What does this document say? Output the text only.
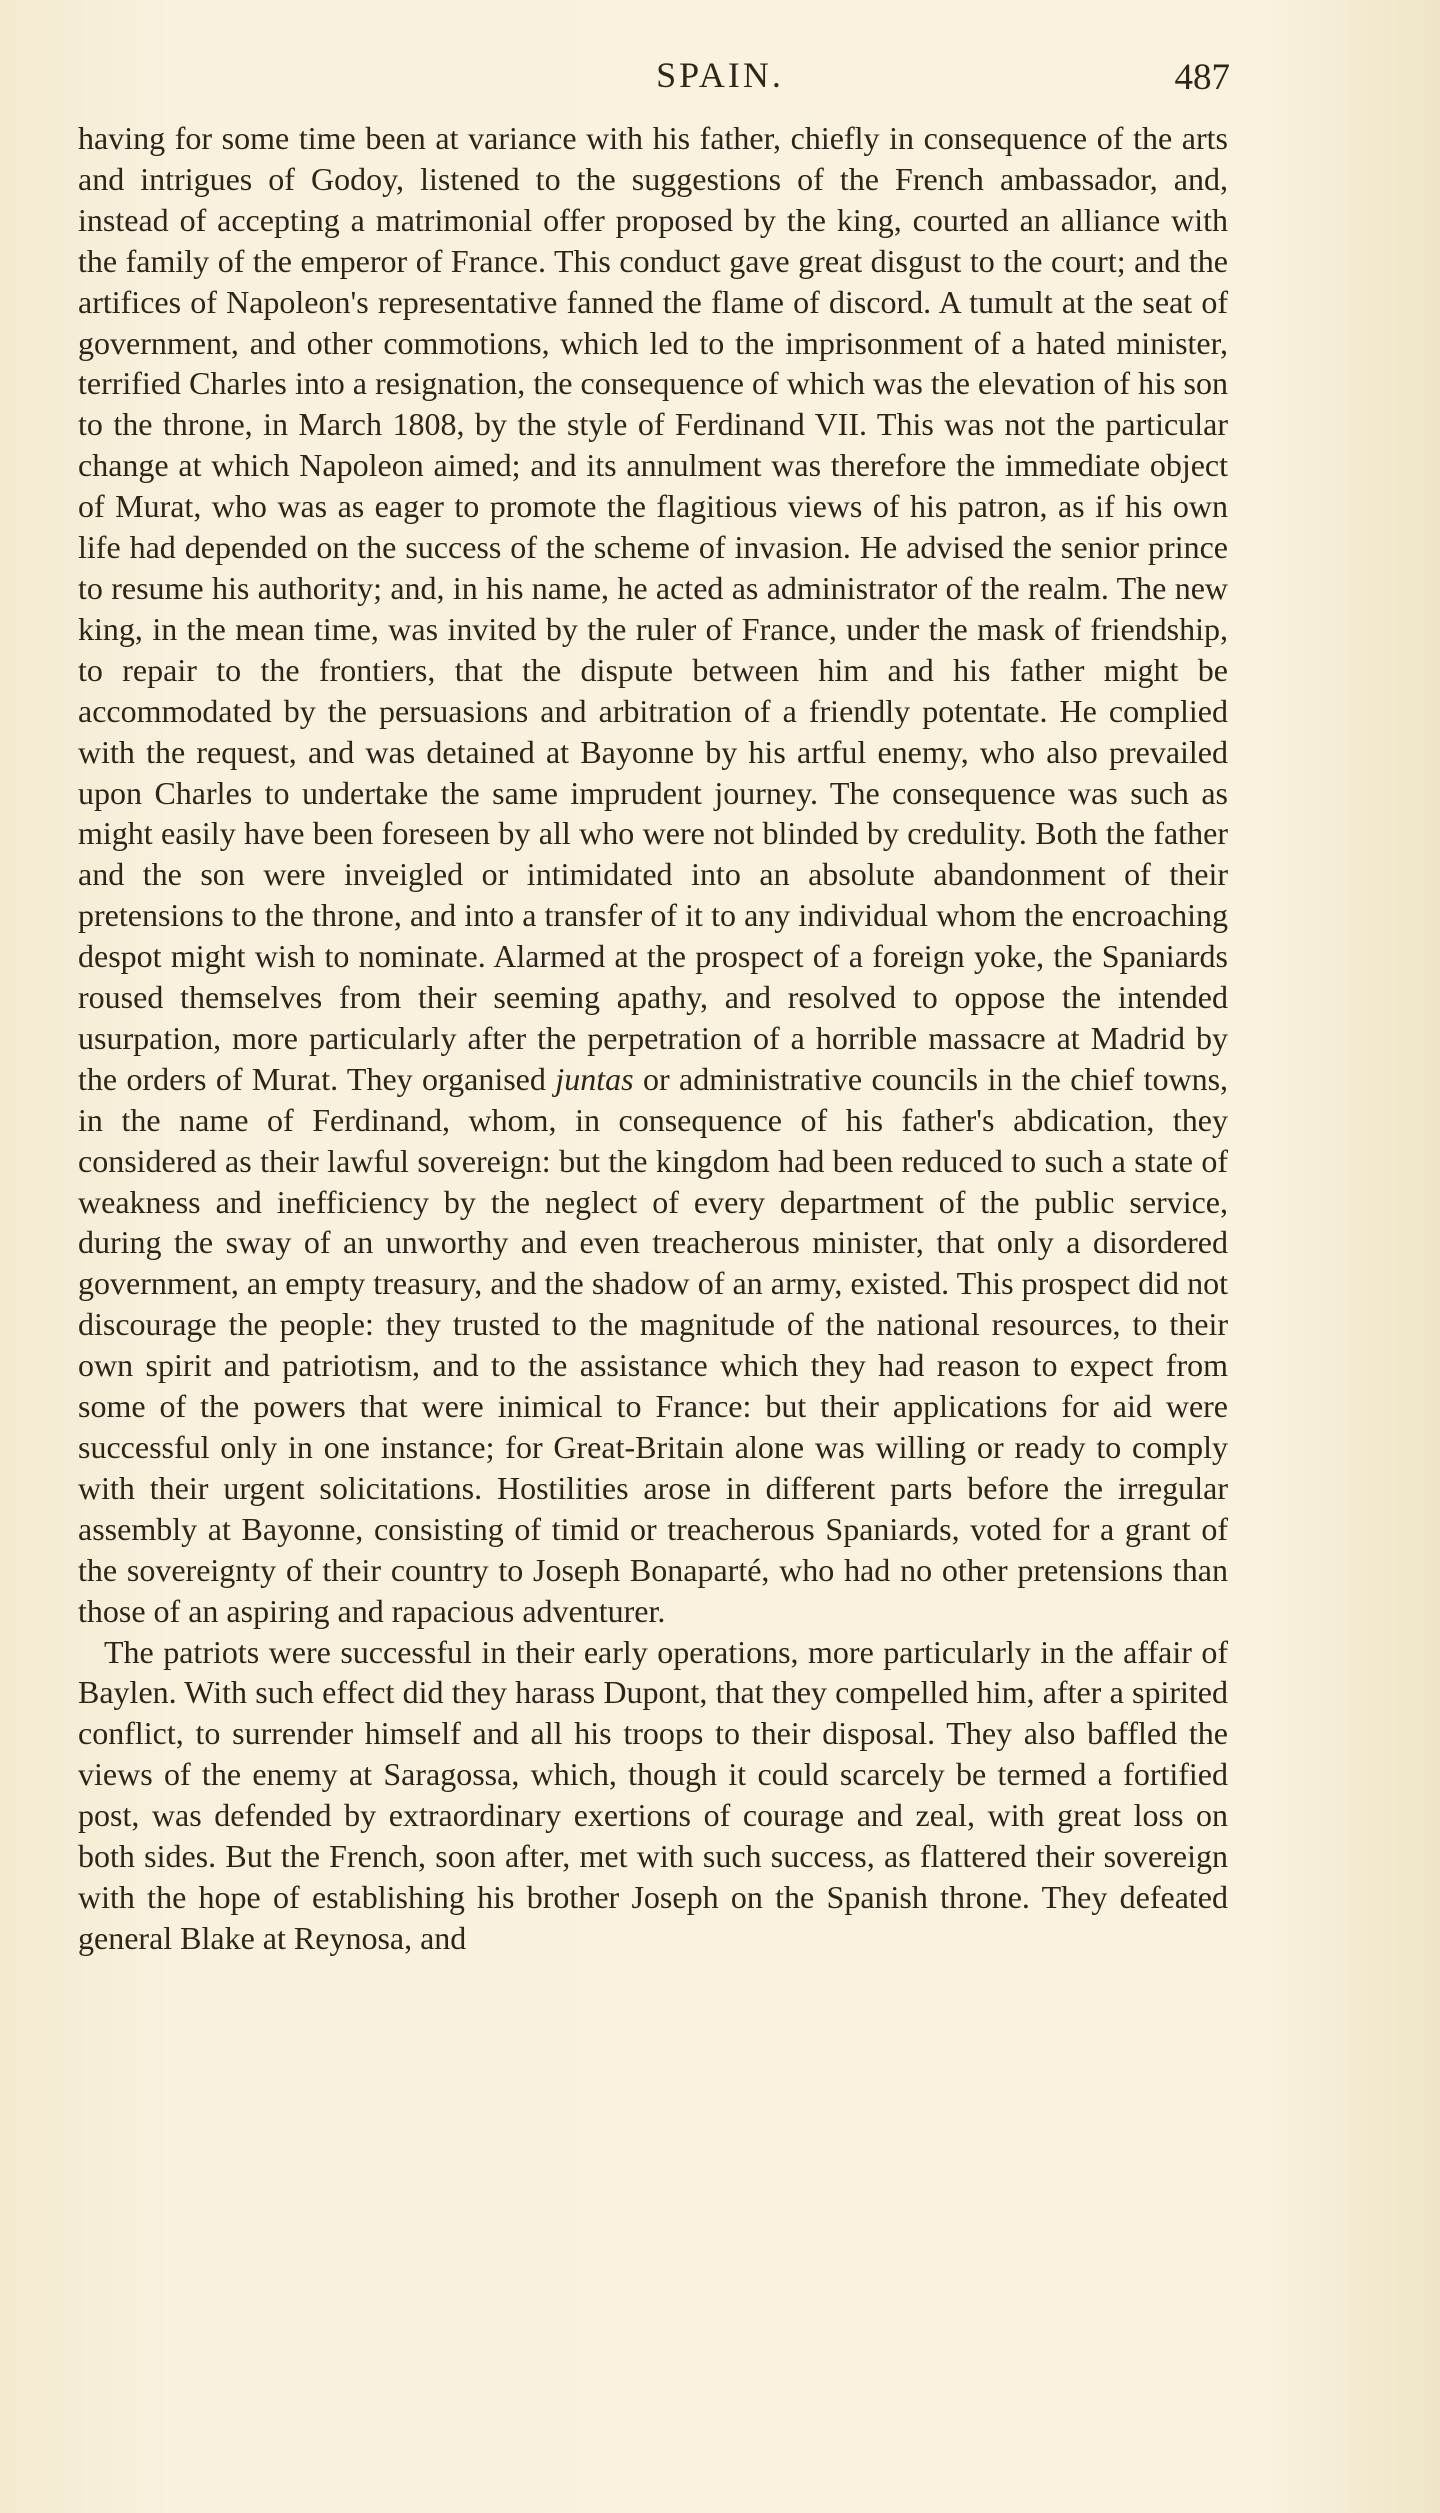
SPAIN.	487

having for some time been at variance with his father, chiefly in consequence of the arts and intrigues of Godoy, listened to the suggestions of the French ambassador, and, instead of accepting a matrimonial offer proposed by the king, courted an alliance with the family of the emperor of France. This conduct gave great disgust to the court; and the artifices of Napoleon's representative fanned the flame of discord. A tumult at the seat of government, and other commotions, which led to the imprisonment of a hated minister, terrified Charles into a resignation, the consequence of which was the elevation of his son to the throne, in March 1808, by the style of Ferdinand VII. This was not the particular change at which Napoleon aimed; and its annulment was therefore the immediate object of Murat, who was as eager to promote the flagitious views of his patron, as if his own life had depended on the success of the scheme of invasion. He advised the senior prince to resume his authority; and, in his name, he acted as administrator of the realm. The new king, in the mean time, was invited by the ruler of France, under the mask of friendship, to repair to the frontiers, that the dispute between him and his father might be accommodated by the persuasions and arbitration of a friendly potentate. He complied with the request, and was detained at Bayonne by his artful enemy, who also prevailed upon Charles to undertake the same imprudent journey. The consequence was such as might easily have been foreseen by all who were not blinded by credulity. Both the father and the son were inveigled or intimidated into an absolute abandonment of their pretensions to the throne, and into a transfer of it to any individual whom the encroaching despot might wish to nominate. Alarmed at the prospect of a foreign yoke, the Spaniards roused themselves from their seeming apathy, and resolved to oppose the intended usurpation, more particularly after the perpetration of a horrible massacre at Madrid by the orders of Murat. They organised juntas or administrative councils in the chief towns, in the name of Ferdinand, whom, in consequence of his father's abdication, they considered as their lawful sovereign: but the kingdom had been reduced to such a state of weakness and inefficiency by the neglect of every department of the public service, during the sway of an unworthy and even treacherous minister, that only a disordered government, an empty treasury, and the shadow of an army, existed. This prospect did not discourage the people: they trusted to the magnitude of the national resources, to their own spirit and patriotism, and to the assistance which they had reason to expect from some of the powers that were inimical to France: but their applications for aid were successful only in one instance; for Great-Britain alone was willing or ready to comply with their urgent solicitations. Hostilities arose in different parts before the irregular assembly at Bayonne, consisting of timid or treacherous Spaniards, voted for a grant of the sovereignty of their country to Joseph Bonaparté, who had no other pretensions than those of an aspiring and rapacious adventurer.

The patriots were successful in their early operations, more particularly in the affair of Baylen. With such effect did they harass Dupont, that they compelled him, after a spirited conflict, to surrender himself and all his troops to their disposal. They also baffled the views of the enemy at Saragossa, which, though it could scarcely be termed a fortified post, was defended by extraordinary exertions of courage and zeal, with great loss on both sides. But the French, soon after, met with such success, as flattered their sovereign with the hope of establishing his brother Joseph on the Spanish throne. They defeated general Blake at Reynosa, and
